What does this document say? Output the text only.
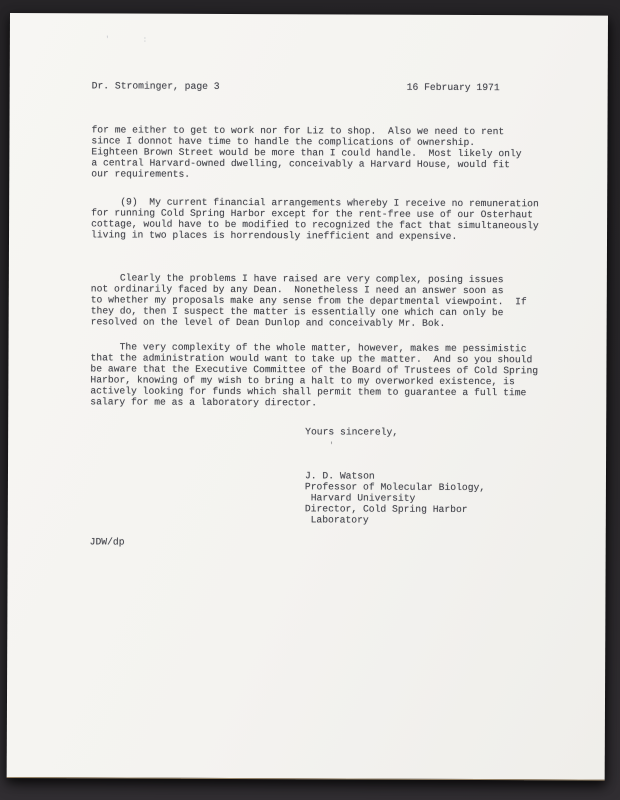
' :
Dr. Strominger, page 3	16 February 1971
for me either to get to work nor for Liz to shop.  Also we need to rent
since I donnot have time to handle the complications of ownership.
Eighteen Brown Street would be more than I could handle.  Most likely only
a central Harvard-owned dwelling, conceivably a Harvard House, would fit
our requirements.
(9)  My current financial arrangements whereby I receive no remuneration
for running Cold Spring Harbor except for the rent-free use of our Osterhaut
cottage, would have to be modified to recognized the fact that simultaneously
living in two places is horrendously inefficient and expensive.
Clearly the problems I have raised are very complex, posing issues
not ordinarily faced by any Dean.  Nonetheless I need an answer soon as
to whether my proposals make any sense from the departmental viewpoint.  If
they do, then I suspect the matter is essentially one which can only be
resolved on the level of Dean Dunlop and conceivably Mr. Bok.
The very complexity of the whole matter, however, makes me pessimistic
that the administration would want to take up the matter.  And so you should
be aware that the Executive Committee of the Board of Trustees of Cold Spring
Harbor, knowing of my wish to bring a halt to my overworked existence, is
actively looking for funds which shall permit them to guarantee a full time
salary for me as a laboratory director.
Yours sincerely,
'
J. D. Watson
Professor of Molecular Biology,
Harvard University
Director, Cold Spring Harbor
Laboratory
JDW/dp
